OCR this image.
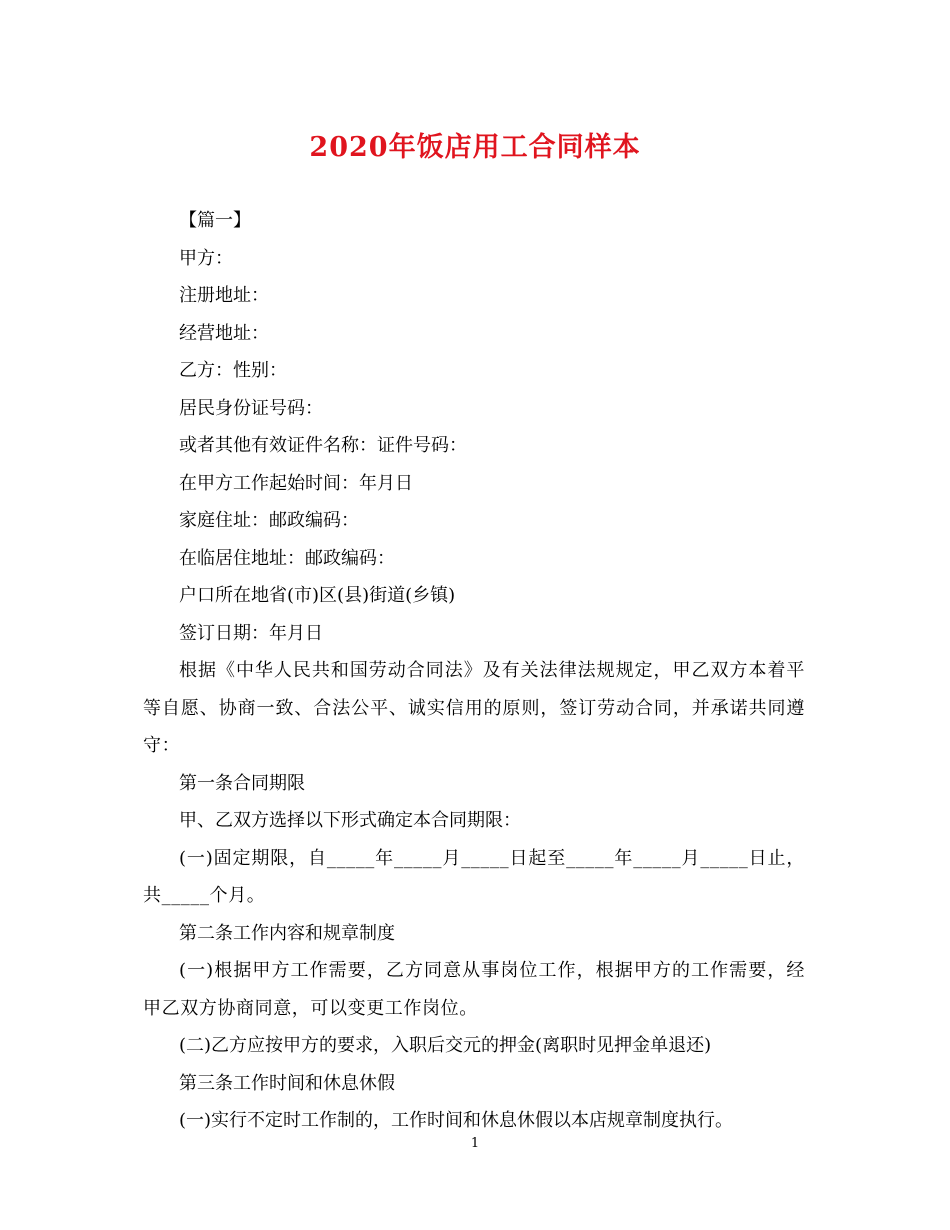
2020年饭店用工合同样本

【篇一】

甲方：

注册地址：

经营地址：

乙方：性别：

居民身份证号码：

或者其他有效证件名称：证件号码：

在甲方工作起始时间：年月日

家庭住址：邮政编码：

在临居住地址：邮政编码：

户口所在地省(市)区(县)街道(乡镇)

签订日期：年月日

根据《中华人民共和国劳动合同法》及有关法律法规规定，甲乙双方本着平等自愿、协商一致、合法公平、诚实信用的原则，签订劳动合同，并承诺共同遵守：

第一条合同期限

甲、乙双方选择以下形式确定本合同期限：

(一)固定期限，自_____年_____月_____日起至_____年_____月_____日止，共_____个月。

第二条工作内容和规章制度

(一)根据甲方工作需要，乙方同意从事岗位工作，根据甲方的工作需要，经甲乙双方协商同意，可以变更工作岗位。

(二)乙方应按甲方的要求，入职后交元的押金(离职时见押金单退还)

第三条工作时间和休息休假

(一)实行不定时工作制的，工作时间和休息休假以本店规章制度执行。

1
